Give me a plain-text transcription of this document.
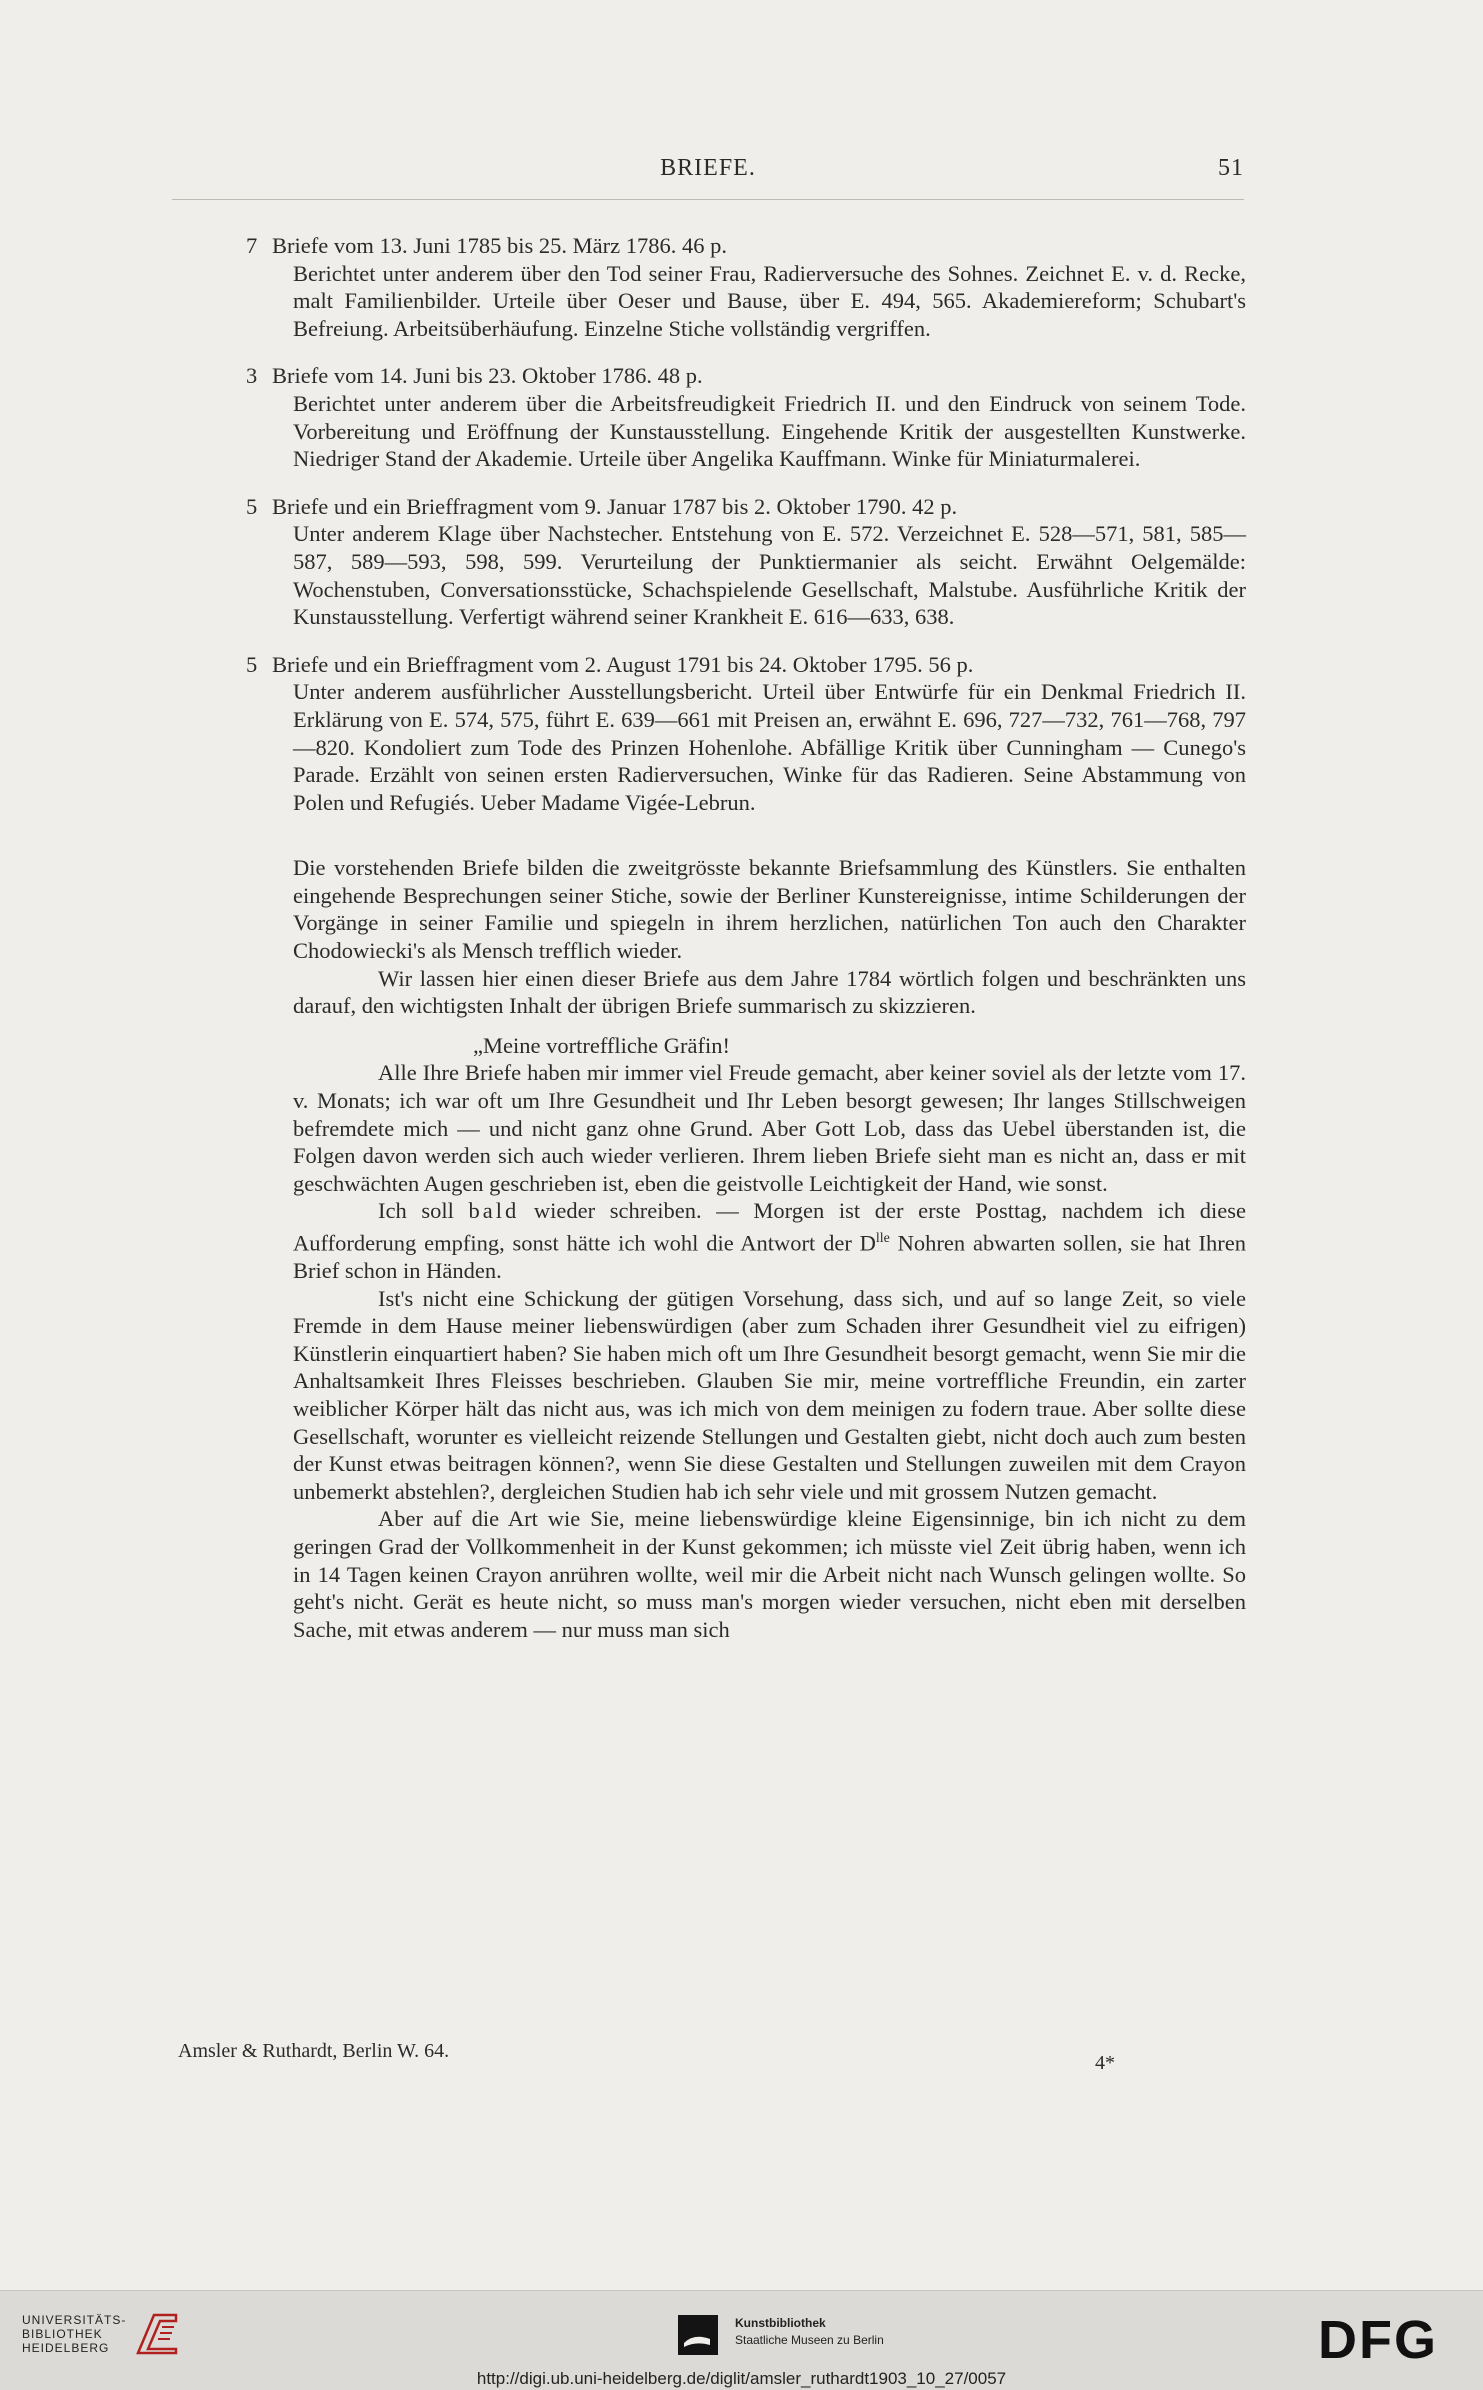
BRIEFE.	51
7 Briefe vom 13. Juni 1785 bis 25. März 1786. 46 p.

Berichtet unter anderem über den Tod seiner Frau, Radierversuche des Sohnes. Zeichnet E. v. d. Recke, malt Familienbilder. Urteile über Oeser und Bause, über E. 494, 565. Akademiereform; Schubart's Befreiung. Arbeitsüberhäufung. Einzelne Stiche vollständig vergriffen.

3 Briefe vom 14. Juni bis 23. Oktober 1786. 48 p.

Berichtet unter anderem über die Arbeitsfreudigkeit Friedrich II. und den Eindruck von seinem Tode. Vorbereitung und Eröffnung der Kunstausstellung. Eingehende Kritik der ausgestellten Kunstwerke. Niedriger Stand der Akademie. Urteile über Angelika Kauffmann. Winke für Miniaturmalerei.

5 Briefe und ein Brieffragment vom 9. Januar 1787 bis 2. Oktober 1790. 42 p.

Unter anderem Klage über Nachstecher. Entstehung von E. 572. Verzeichnet E. 528—571, 581, 585—587, 589—593, 598, 599. Verurteilung der Punktiermanier als seicht. Erwähnt Oelgemälde: Wochenstuben, Conversationsstücke, Schachspielende Gesellschaft, Malstube. Ausführliche Kritik der Kunstausstellung. Verfertigt während seiner Krankheit E. 616—633, 638.

5 Briefe und ein Brieffragment vom 2. August 1791 bis 24. Oktober 1795. 56 p.

Unter anderem ausführlicher Ausstellungsbericht. Urteil über Entwürfe für ein Denkmal Friedrich II. Erklärung von E. 574, 575, führt E. 639—661 mit Preisen an, erwähnt E. 696, 727—732, 761—768, 797—820. Kondoliert zum Tode des Prinzen Hohenlohe. Abfällige Kritik über Cunningham — Cunego's Parade. Erzählt von seinen ersten Radierversuchen, Winke für das Radieren. Seine Abstammung von Polen und Refugiés. Ueber Madame Vigée-Lebrun.

Die vorstehenden Briefe bilden die zweitgrösste bekannte Briefsammlung des Künstlers. Sie enthalten eingehende Besprechungen seiner Stiche, sowie der Berliner Kunstereignisse, intime Schilderungen der Vorgänge in seiner Familie und spiegeln in ihrem herzlichen, natürlichen Ton auch den Charakter Chodowiecki's als Mensch trefflich wieder.

Wir lassen hier einen dieser Briefe aus dem Jahre 1784 wörtlich folgen und beschränkten uns darauf, den wichtigsten Inhalt der übrigen Briefe summarisch zu skizzieren.

„Meine vortreffliche Gräfin!

Alle Ihre Briefe haben mir immer viel Freude gemacht, aber keiner soviel als der letzte vom 17. v. Monats; ich war oft um Ihre Gesundheit und Ihr Leben besorgt gewesen; Ihr langes Stillschweigen befremdete mich — und nicht ganz ohne Grund. Aber Gott Lob, dass das Uebel überstanden ist, die Folgen davon werden sich auch wieder verlieren. Ihrem lieben Briefe sieht man es nicht an, dass er mit geschwächten Augen geschrieben ist, eben die geistvolle Leichtigkeit der Hand, wie sonst.

Ich soll bald wieder schreiben. — Morgen ist der erste Posttag, nachdem ich diese Aufforderung empfing, sonst hätte ich wohl die Antwort der $D^{lle}$ Nohren abwarten sollen, sie hat Ihren Brief schon in Händen.

Ist's nicht eine Schickung der gütigen Vorsehung, dass sich, und auf so lange Zeit, so viele Fremde in dem Hause meiner liebenswürdigen (aber zum Schaden ihrer Gesundheit viel zu eifrigen) Künstlerin einquartiert haben? Sie haben mich oft um Ihre Gesundheit besorgt gemacht, wenn Sie mir die Anhaltsamkeit Ihres Fleisses beschrieben. Glauben Sie mir, meine vortreffliche Freundin, ein zarter weiblicher Körper hält das nicht aus, was ich mich von dem meinigen zu fodern traue. Aber sollte diese Gesellschaft, worunter es vielleicht reizende Stellungen und Gestalten giebt, nicht doch auch zum besten der Kunst etwas beitragen können?, wenn Sie diese Gestalten und Stellungen zuweilen mit dem Crayon unbemerkt abstehlen?, dergleichen Studien hab ich sehr viele und mit grossem Nutzen gemacht.

Aber auf die Art wie Sie, meine liebenswürdige kleine Eigensinnige, bin ich nicht zu dem geringen Grad der Vollkommenheit in der Kunst gekommen; ich müsste viel Zeit übrig haben, wenn ich in 14 Tagen keinen Crayon anrühren wollte, weil mir die Arbeit nicht nach Wunsch gelingen wollte. So geht's nicht. Gerät es heute nicht, so muss man's morgen wieder versuchen, nicht eben mit derselben Sache, mit etwas anderem — nur muss man sich

Amsler & Ruthardt, Berlin W. 64.
4*
UNIVERSITÄTS-
BIBLIOTHEK
HEIDELBERG
Kunstbibliothek
Staatliche Museen zu Berlin	DFG
http://digi.ub.uni-heidelberg.de/diglit/amsler_ruthardt1903_10_27/0057
